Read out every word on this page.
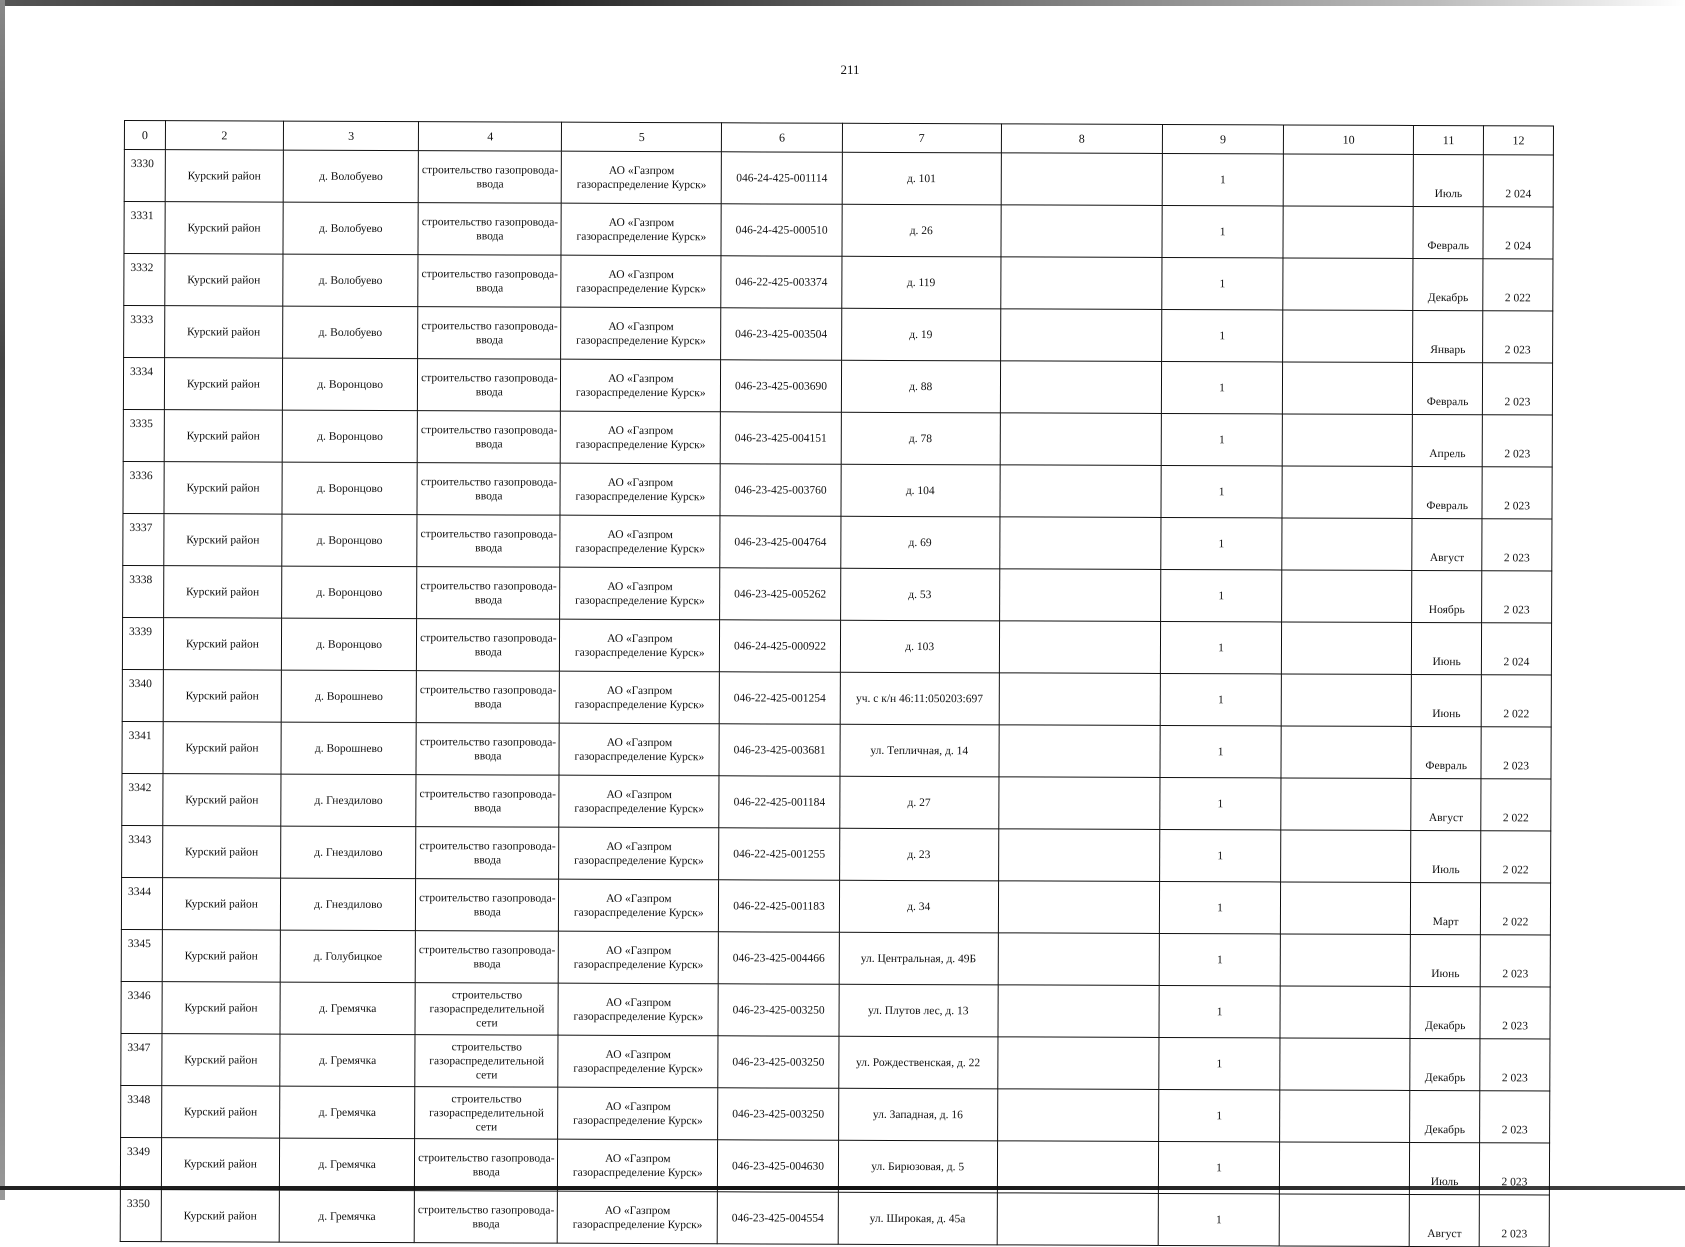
211
0	2	3	4	5	6	7	8	9	10	11	12
3330	Курский район	д. Волобуево	строительство газопровода-ввода	АО «Газпром газораспределение Курск»	046-24-425-001114	д. 101		1		Июль	2 024
3331	Курский район	д. Волобуево	строительство газопровода-ввода	АО «Газпром газораспределение Курск»	046-24-425-000510	д. 26		1		Февраль	2 024
3332	Курский район	д. Волобуево	строительство газопровода-ввода	АО «Газпром газораспределение Курск»	046-22-425-003374	д. 119		1		Декабрь	2 022
3333	Курский район	д. Волобуево	строительство газопровода-ввода	АО «Газпром газораспределение Курск»	046-23-425-003504	д. 19		1		Январь	2 023
3334	Курский район	д. Воронцово	строительство газопровода-ввода	АО «Газпром газораспределение Курск»	046-23-425-003690	д. 88		1		Февраль	2 023
3335	Курский район	д. Воронцово	строительство газопровода-ввода	АО «Газпром газораспределение Курск»	046-23-425-004151	д. 78		1		Апрель	2 023
3336	Курский район	д. Воронцово	строительство газопровода-ввода	АО «Газпром газораспределение Курск»	046-23-425-003760	д. 104		1		Февраль	2 023
3337	Курский район	д. Воронцово	строительство газопровода-ввода	АО «Газпром газораспределение Курск»	046-23-425-004764	д. 69		1		Август	2 023
3338	Курский район	д. Воронцово	строительство газопровода-ввода	АО «Газпром газораспределение Курск»	046-23-425-005262	д. 53		1		Ноябрь	2 023
3339	Курский район	д. Воронцово	строительство газопровода-ввода	АО «Газпром газораспределение Курск»	046-24-425-000922	д. 103		1		Июнь	2 024
3340	Курский район	д. Ворошнево	строительство газопровода-ввода	АО «Газпром газораспределение Курск»	046-22-425-001254	уч. с к/н 46:11:050203:697		1		Июнь	2 022
3341	Курский район	д. Ворошнево	строительство газопровода-ввода	АО «Газпром газораспределение Курск»	046-23-425-003681	ул. Тепличная, д. 14		1		Февраль	2 023
3342	Курский район	д. Гнездилово	строительство газопровода-ввода	АО «Газпром газораспределение Курск»	046-22-425-001184	д. 27		1		Август	2 022
3343	Курский район	д. Гнездилово	строительство газопровода-ввода	АО «Газпром газораспределение Курск»	046-22-425-001255	д. 23		1		Июль	2 022
3344	Курский район	д. Гнездилово	строительство газопровода-ввода	АО «Газпром газораспределение Курск»	046-22-425-001183	д. 34		1		Март	2 022
3345	Курский район	д. Голубицкое	строительство газопровода-ввода	АО «Газпром газораспределение Курск»	046-23-425-004466	ул. Центральная, д. 49Б		1		Июнь	2 023
3346	Курский район	д. Гремячка	строительство газораспределительной сети	АО «Газпром газораспределение Курск»	046-23-425-003250	ул. Плутов лес, д. 13		1		Декабрь	2 023
3347	Курский район	д. Гремячка	строительство газораспределительной сети	АО «Газпром газораспределение Курск»	046-23-425-003250	ул. Рождественская, д. 22		1		Декабрь	2 023
3348	Курский район	д. Гремячка	строительство газораспределительной сети	АО «Газпром газораспределение Курск»	046-23-425-003250	ул. Западная, д. 16		1		Декабрь	2 023
3349	Курский район	д. Гремячка	строительство газопровода-ввода	АО «Газпром газораспределение Курск»	046-23-425-004630	ул. Бирюзовая, д. 5		1		Июль	2 023
3350	Курский район	д. Гремячка	строительство газопровода-ввода	АО «Газпром газораспределение Курск»	046-23-425-004554	ул. Широкая, д. 45а		1		Август	2 023
